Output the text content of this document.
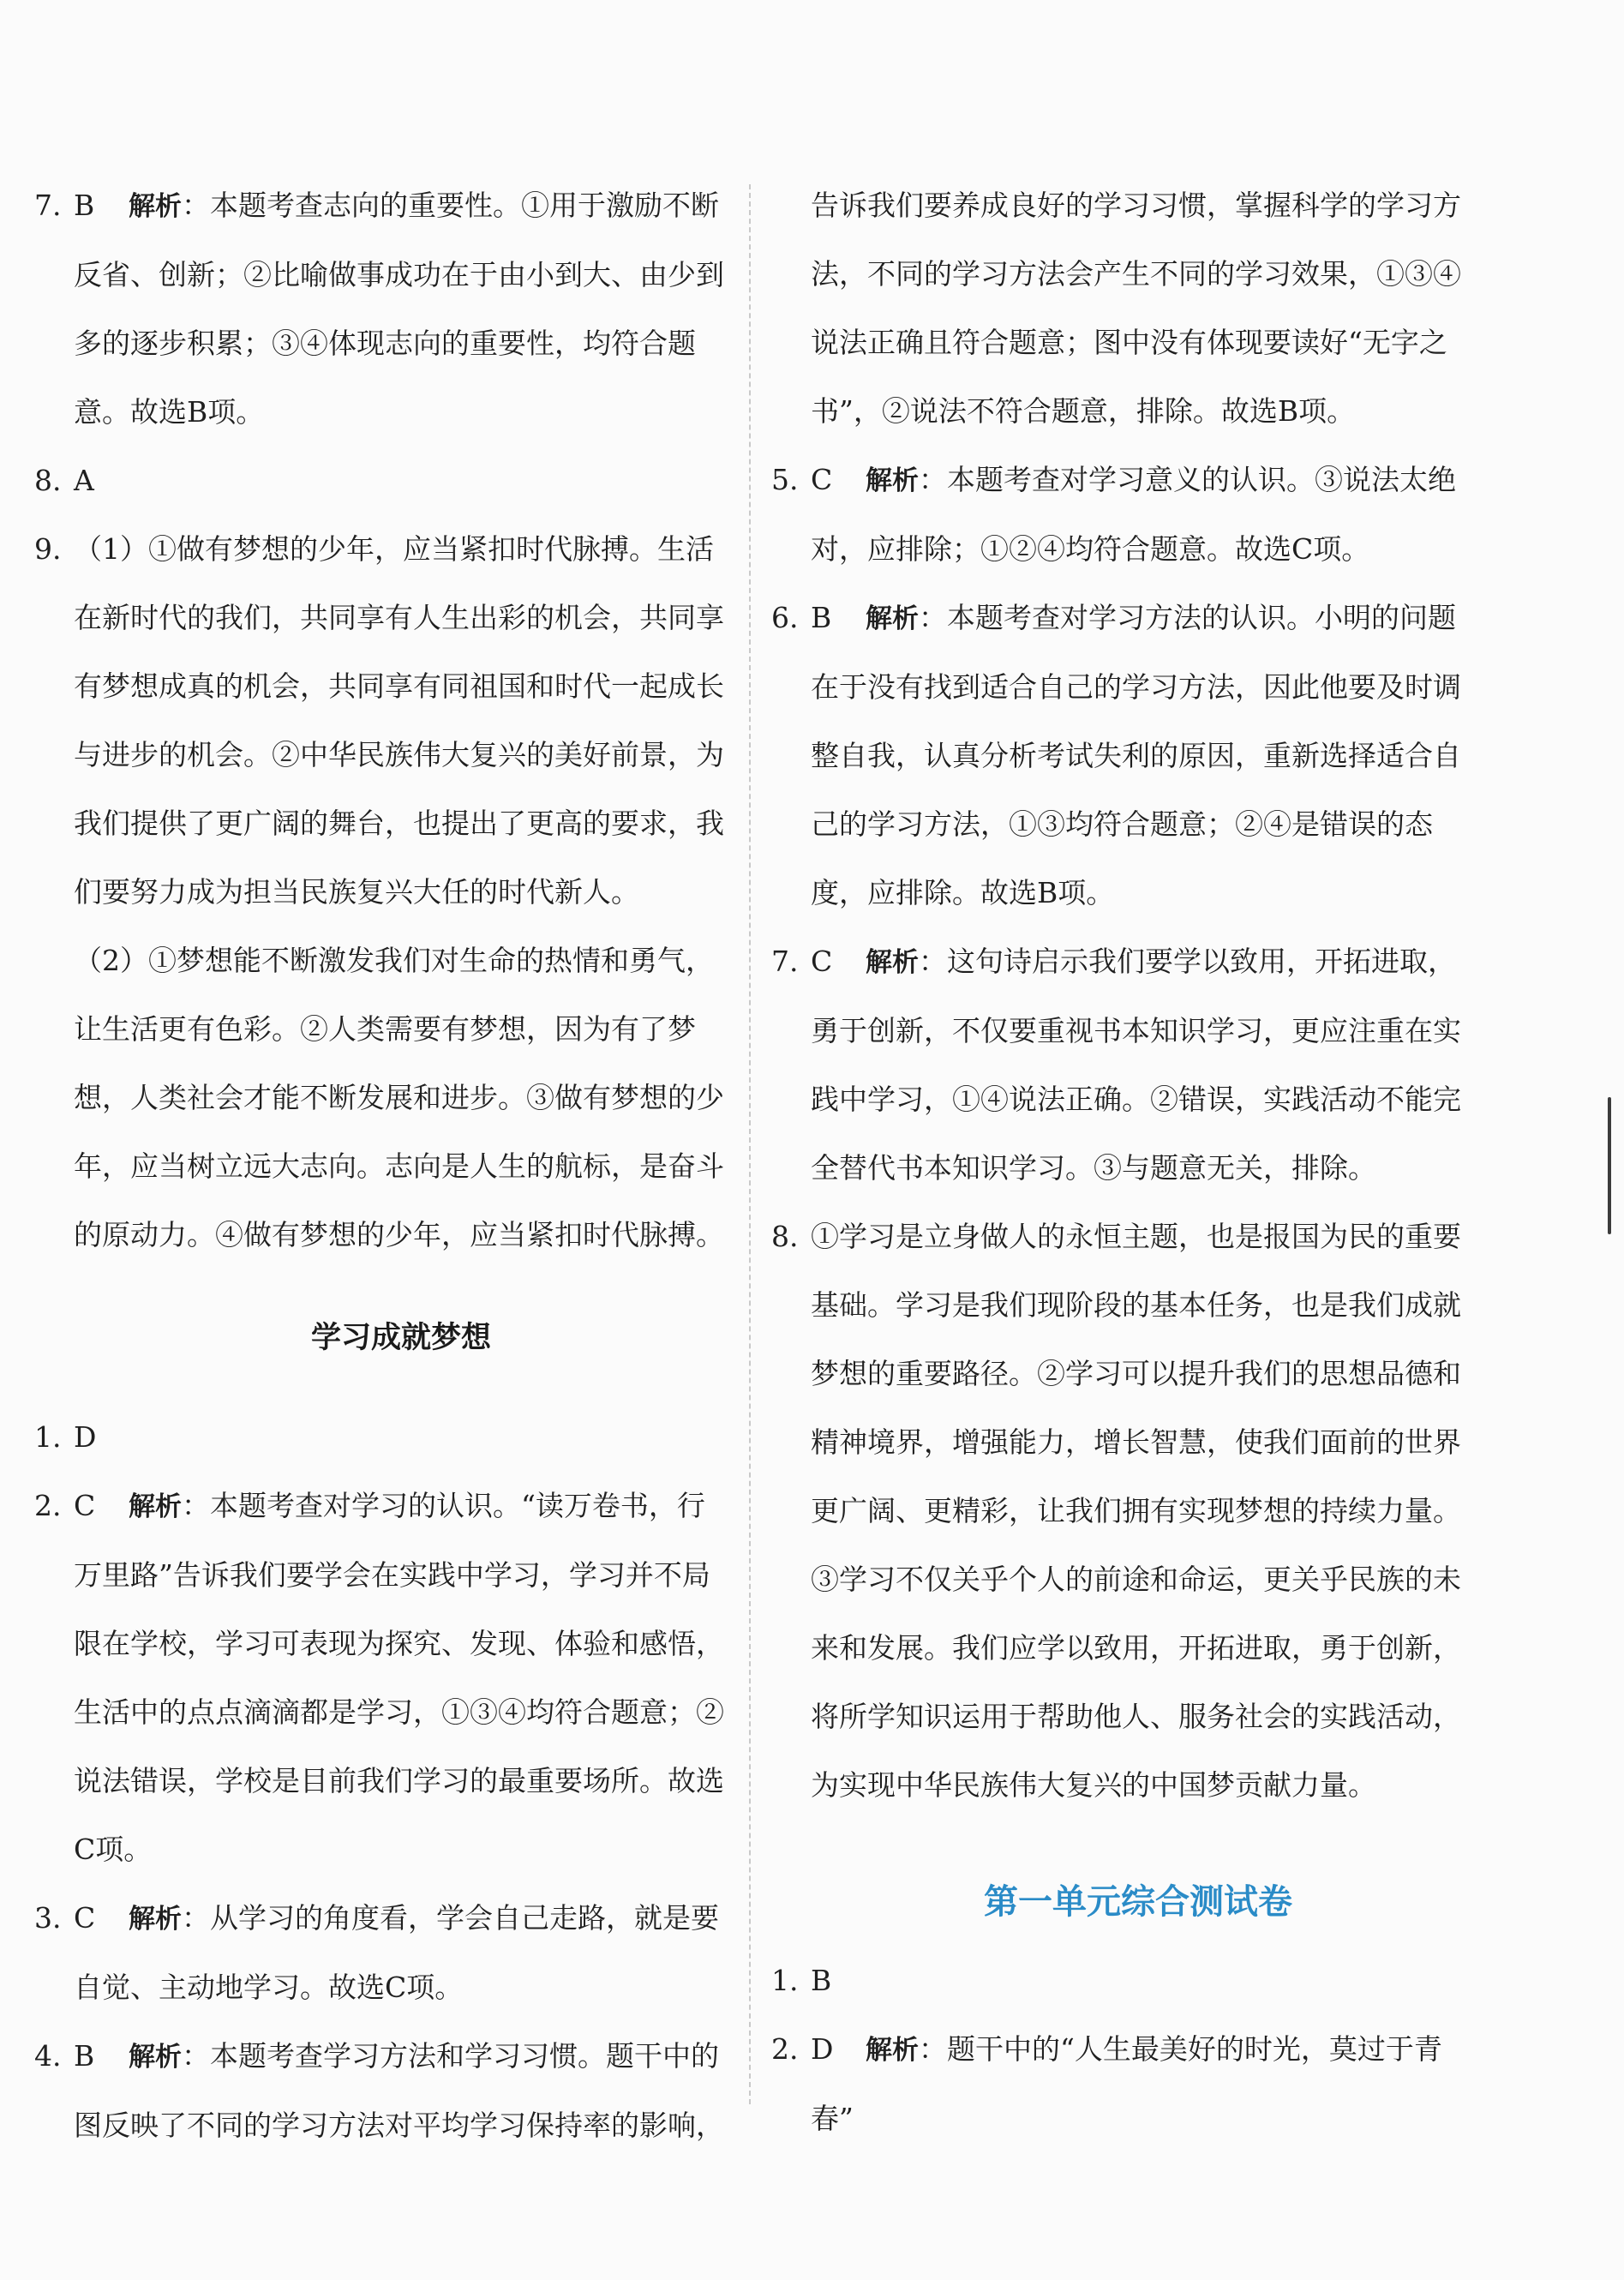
7. B 解析：本题考查志向的重要性。①用于激励不断反省、创新；②比喻做事成功在于由小到大、由少到多的逐步积累；③④体现志向的重要性，均符合题意。故选B项。

8. A

9. （1）①做有梦想的少年，应当紧扣时代脉搏。生活在新时代的我们，共同享有人生出彩的机会，共同享有梦想成真的机会，共同享有同祖国和时代一起成长与进步的机会。②中华民族伟大复兴的美好前景，为我们提供了更广阔的舞台，也提出了更高的要求，我们要努力成为担当民族复兴大任的时代新人。

（2）①梦想能不断激发我们对生命的热情和勇气，让生活更有色彩。②人类需要有梦想，因为有了梦想，人类社会才能不断发展和进步。③做有梦想的少年，应当树立远大志向。志向是人生的航标，是奋斗的原动力。④做有梦想的少年，应当紧扣时代脉搏。

学习成就梦想

1. D

2. C 解析：本题考查对学习的认识。“读万卷书，行万里路”告诉我们要学会在实践中学习，学习并不局限在学校，学习可表现为探究、发现、体验和感悟，生活中的点点滴滴都是学习，①③④均符合题意；②说法错误，学校是目前我们学习的最重要场所。故选C项。

3. C 解析：从学习的角度看，学会自己走路，就是要自觉、主动地学习。故选C项。

4. B 解析：本题考查学习方法和学习习惯。题干中的图反映了不同的学习方法对平均学习保持率的影响，

告诉我们要养成良好的学习习惯，掌握科学的学习方法，不同的学习方法会产生不同的学习效果，①③④说法正确且符合题意；图中没有体现要读好“无字之书”，②说法不符合题意，排除。故选B项。

5. C 解析：本题考查对学习意义的认识。③说法太绝对，应排除；①②④均符合题意。故选C项。

6. B 解析：本题考查对学习方法的认识。小明的问题在于没有找到适合自己的学习方法，因此他要及时调整自我，认真分析考试失利的原因，重新选择适合自己的学习方法，①③均符合题意；②④是错误的态度，应排除。故选B项。

7. C 解析：这句诗启示我们要学以致用，开拓进取，勇于创新，不仅要重视书本知识学习，更应注重在实践中学习，①④说法正确。②错误，实践活动不能完全替代书本知识学习。③与题意无关，排除。

8. ①学习是立身做人的永恒主题，也是报国为民的重要基础。学习是我们现阶段的基本任务，也是我们成就梦想的重要路径。②学习可以提升我们的思想品德和精神境界，增强能力，增长智慧，使我们面前的世界更广阔、更精彩，让我们拥有实现梦想的持续力量。③学习不仅关乎个人的前途和命运，更关乎民族的未来和发展。我们应学以致用，开拓进取，勇于创新，将所学知识运用于帮助他人、服务社会的实践活动，为实现中华民族伟大复兴的中国梦贡献力量。

第一单元综合测试卷

1. B

2. D 解析：题干中的“人生最美好的时光，莫过于青春”
